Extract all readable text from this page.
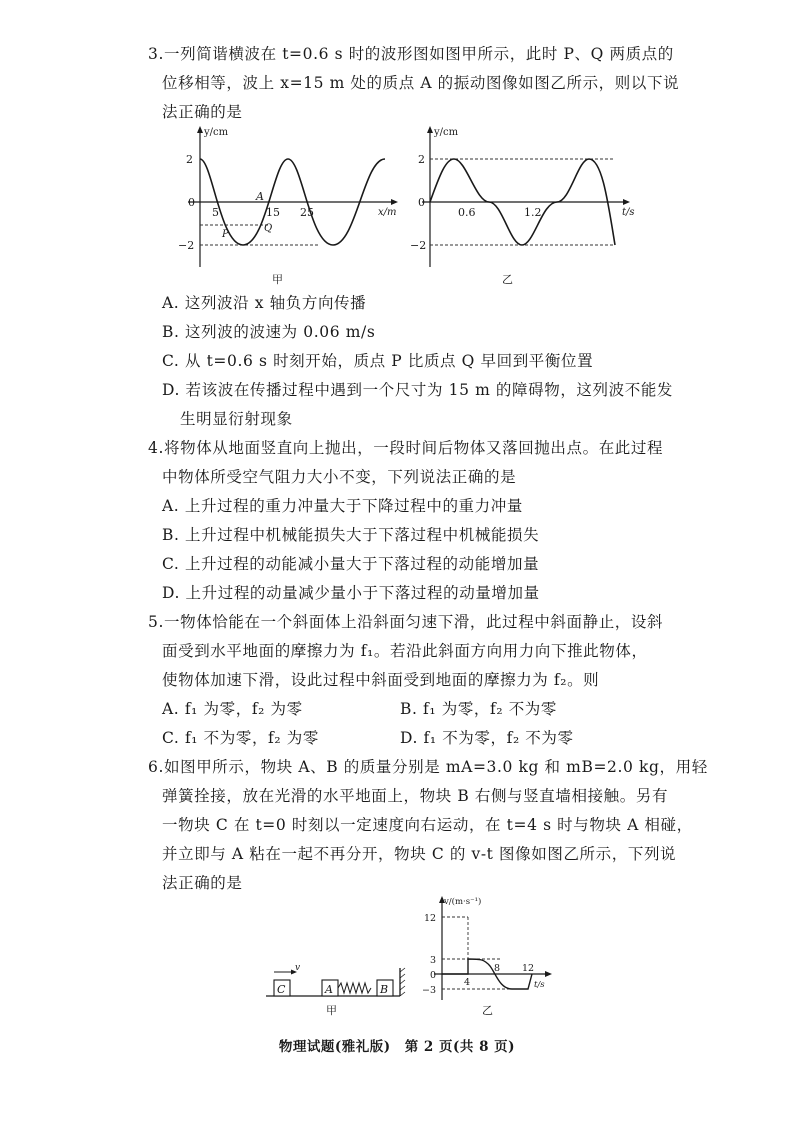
3.一列简谐横波在 t=0.6 s 时的波形图如图甲所示，此时 P、Q 两质点的
位移相等，波上 x=15 m 处的质点 A 的振动图像如图乙所示，则以下说
法正确的是
y/cm
x/m
2
0
−2
5	15 25
A
P
Q
甲
y/cm
t/s
2
0
−2
0.6	1.2
乙
A. 这列波沿 x 轴负方向传播
B. 这列波的波速为 0.06 m/s
C. 从 t=0.6 s 时刻开始，质点 P 比质点 Q 早回到平衡位置
D. 若该波在传播过程中遇到一个尺寸为 15 m 的障碍物，这列波不能发
生明显衍射现象
4.将物体从地面竖直向上抛出，一段时间后物体又落回抛出点。在此过程
中物体所受空气阻力大小不变，下列说法正确的是
A. 上升过程的重力冲量大于下降过程中的重力冲量
B. 上升过程中机械能损失大于下落过程中机械能损失
C. 上升过程的动能减小量大于下落过程的动能增加量
D. 上升过程的动量减少量小于下落过程的动量增加量
5.一物体恰能在一个斜面体上沿斜面匀速下滑，此过程中斜面静止，设斜
面受到水平地面的摩擦力为 f₁。若沿此斜面方向用力向下推此物体，
使物体加速下滑，设此过程中斜面受到地面的摩擦力为 f₂。则
A. f₁ 为零，f₂ 为零	B. f₁ 为零，f₂ 不为零
C. f₁ 不为零，f₂ 为零	D. f₁ 不为零，f₂ 不为零
6.如图甲所示，物块 A、B 的质量分别是 mA=3.0 kg 和 mB=2.0 kg，用轻
弹簧拴接，放在光滑的水平地面上，物块 B 右侧与竖直墙相接触。另有
一物块 C 在 t=0 时刻以一定速度向右运动，在 t=4 s 时与物块 A 相碰，
并立即与 A 粘在一起不再分开，物块 C 的 v-t 图像如图乙所示，下列说
法正确的是
v
C	A	B
甲
v/(m·s⁻¹)
t/s
12
3
0
−3
4
8 12
乙
物理试题(雅礼版)　第 2 页(共 8 页)
